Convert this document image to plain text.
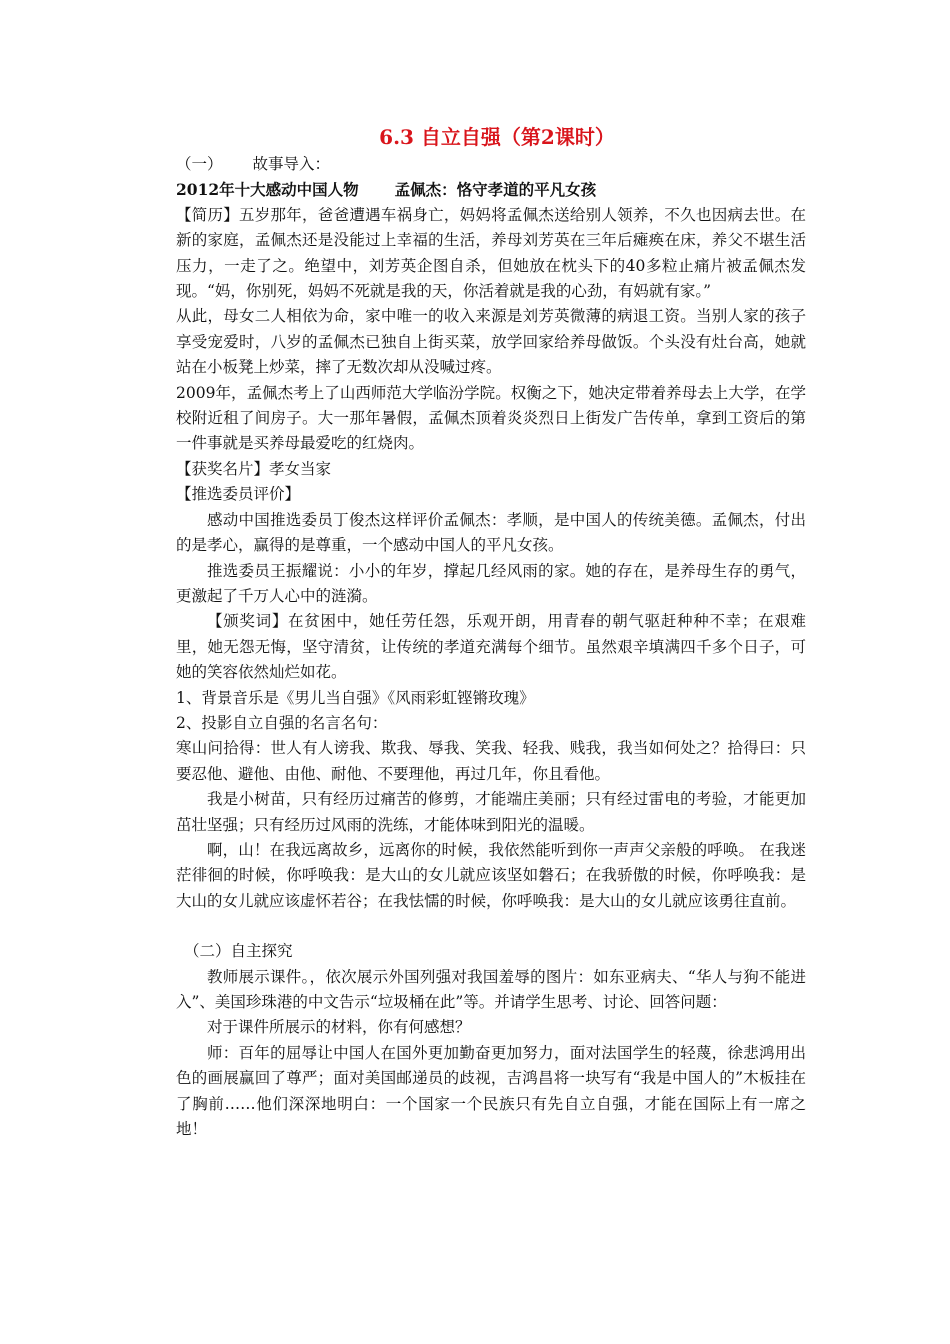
6.3 自立自强（第2课时）

（一） 故事导入：

2012年十大感动中国人物 孟佩杰：恪守孝道的平凡女孩

【简历】五岁那年，爸爸遭遇车祸身亡，妈妈将孟佩杰送给别人领养，不久也因病去世。在新的家庭，孟佩杰还是没能过上幸福的生活，养母刘芳英在三年后瘫痪在床，养父不堪生活压力，一走了之。绝望中，刘芳英企图自杀，但她放在枕头下的40多粒止痛片被孟佩杰发现。“妈，你别死，妈妈不死就是我的天，你活着就是我的心劲，有妈就有家。”

从此，母女二人相依为命，家中唯一的收入来源是刘芳英微薄的病退工资。当别人家的孩子享受宠爱时，八岁的孟佩杰已独自上街买菜，放学回家给养母做饭。个头没有灶台高，她就站在小板凳上炒菜，摔了无数次却从没喊过疼。

2009年，孟佩杰考上了山西师范大学临汾学院。权衡之下，她决定带着养母去上大学，在学校附近租了间房子。大一那年暑假，孟佩杰顶着炎炎烈日上街发广告传单，拿到工资后的第一件事就是买养母最爱吃的红烧肉。

【获奖名片】孝女当家

【推选委员评价】

感动中国推选委员丁俊杰这样评价孟佩杰：孝顺，是中国人的传统美德。孟佩杰，付出的是孝心，赢得的是尊重，一个感动中国人的平凡女孩。

推选委员王振耀说：小小的年岁，撑起几经风雨的家。她的存在，是养母生存的勇气，更激起了千万人心中的涟漪。

【颁奖词】在贫困中，她任劳任怨，乐观开朗，用青春的朝气驱赶种种不幸；在艰难里，她无怨无悔，坚守清贫，让传统的孝道充满每个细节。虽然艰辛填满四千多个日子，可她的笑容依然灿烂如花。

1、背景音乐是《男儿当自强》《风雨彩虹铿锵玫瑰》

2、投影自立自强的名言名句：

寒山问拾得：世人有人谤我、欺我、辱我、笑我、轻我、贱我，我当如何处之？拾得曰：只要忍他、避他、由他、耐他、不要理他，再过几年，你且看他。

我是小树苗，只有经历过痛苦的修剪，才能端庄美丽；只有经过雷电的考验，才能更加茁壮坚强；只有经历过风雨的洗练，才能体味到阳光的温暖。

啊，山！在我远离故乡，远离你的时候，我依然能听到你一声声父亲般的呼唤。 在我迷茫徘徊的时候，你呼唤我：是大山的女儿就应该坚如磐石；在我骄傲的时候，你呼唤我：是大山的女儿就应该虚怀若谷；在我怯懦的时候，你呼唤我：是大山的女儿就应该勇往直前。

（二）自主探究

教师展示课件。，依次展示外国列强对我国羞辱的图片：如东亚病夫、“华人与狗不能进入”、美国珍珠港的中文告示“垃圾桶在此”等。并请学生思考、讨论、回答问题：

对于课件所展示的材料，你有何感想？

师：百年的屈辱让中国人在国外更加勤奋更加努力，面对法国学生的轻蔑，徐悲鸿用出色的画展赢回了尊严；面对美国邮递员的歧视，吉鸿昌将一块写有“我是中国人的”木板挂在了胸前……他们深深地明白：一个国家一个民族只有先自立自强，才能在国际上有一席之地！
